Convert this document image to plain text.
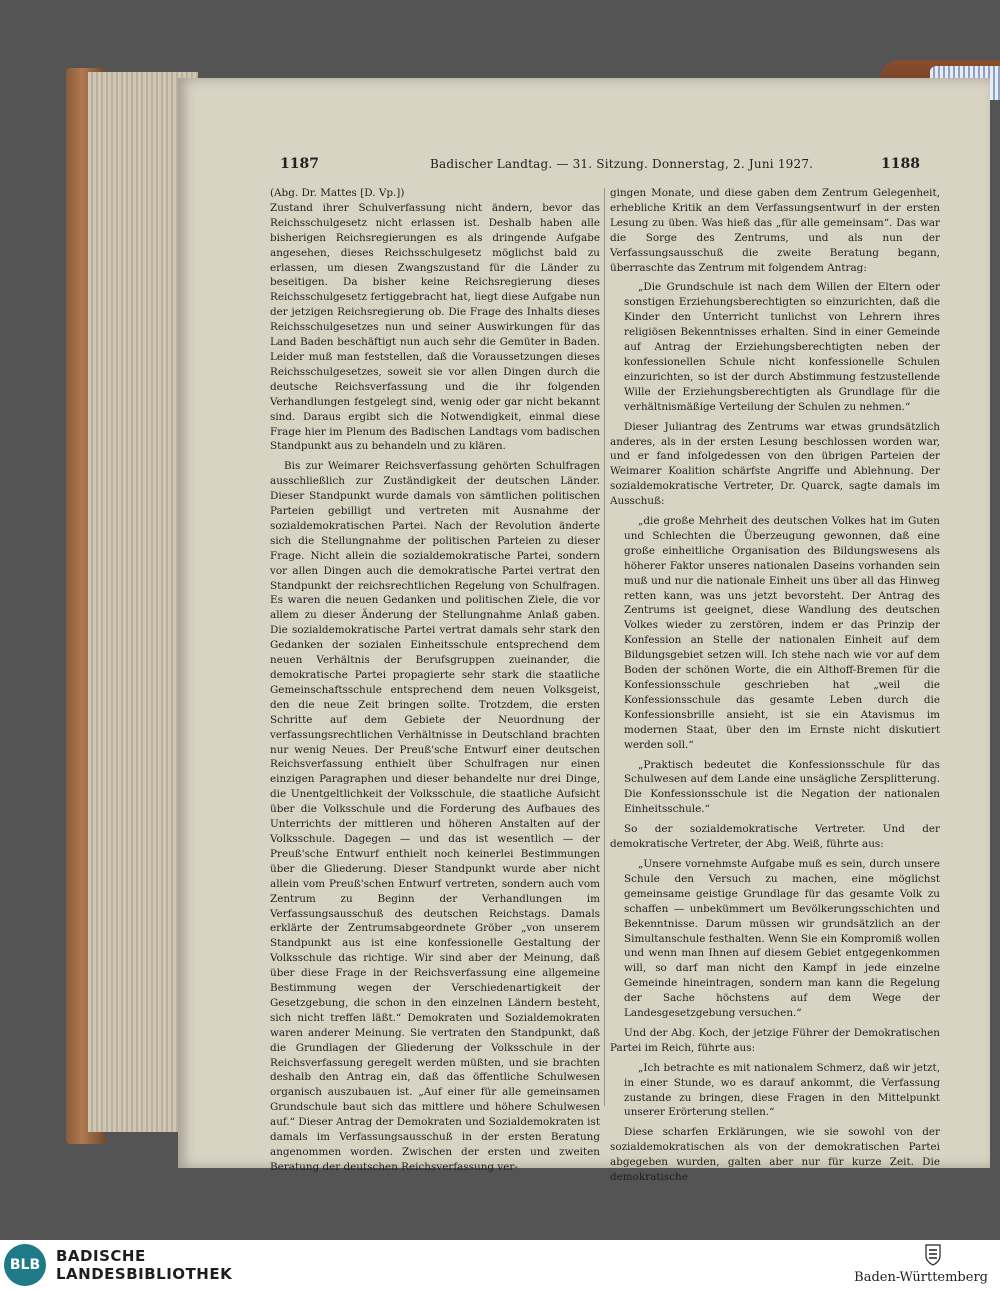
1187	Badischer Landtag. — 31. Sitzung. Donnerstag, 2. Juni 1927.	1188

(Abg. Dr. Mattes [D. Vp.])

Zustand ihrer Schulverfassung nicht ändern, bevor das Reichsschulgesetz nicht erlassen ist. Deshalb haben alle bisherigen Reichsregierungen es als dringende Aufgabe angesehen, dieses Reichsschulgesetz möglichst bald zu erlassen, um diesen Zwangszustand für die Länder zu beseitigen. Da bisher keine Reichsregierung dieses Reichsschulgesetz fertiggebracht hat, liegt diese Aufgabe nun der jetzigen Reichsregierung ob. Die Frage des Inhalts dieses Reichsschulgesetzes nun und seiner Auswirkungen für das Land Baden beschäftigt nun auch sehr die Gemüter in Baden. Leider muß man feststellen, daß die Voraussetzungen dieses Reichsschulgesetzes, soweit sie vor allen Dingen durch die deutsche Reichsverfassung und die ihr folgenden Verhandlungen festgelegt sind, wenig oder gar nicht bekannt sind. Daraus ergibt sich die Notwendigkeit, einmal diese Frage hier im Plenum des Badischen Landtags vom badischen Standpunkt aus zu behandeln und zu klären.

Bis zur Weimarer Reichsverfassung gehörten Schulfragen ausschließlich zur Zuständigkeit der deutschen Länder. Dieser Standpunkt wurde damals von sämtlichen politischen Parteien gebilligt und vertreten mit Ausnahme der sozialdemokratischen Partei. Nach der Revolution änderte sich die Stellungnahme der politischen Parteien zu dieser Frage. Nicht allein die sozialdemokratische Partei, sondern vor allen Dingen auch die demokratische Partei vertrat den Standpunkt der reichsrechtlichen Regelung von Schulfragen. Es waren die neuen Gedanken und politischen Ziele, die vor allem zu dieser Änderung der Stellungnahme Anlaß gaben. Die sozialdemokratische Partei vertrat damals sehr stark den Gedanken der sozialen Einheitsschule entsprechend dem neuen Verhältnis der Berufsgruppen zueinander, die demokratische Partei propagierte sehr stark die staatliche Gemeinschaftsschule entsprechend dem neuen Volksgeist, den die neue Zeit bringen sollte. Trotzdem, die ersten Schritte auf dem Gebiete der Neuordnung der verfassungsrechtlichen Verhältnisse in Deutschland brachten nur wenig Neues. Der Preuß'sche Entwurf einer deutschen Reichsverfassung enthielt über Schulfragen nur einen einzigen Paragraphen und dieser behandelte nur drei Dinge, die Unentgeltlichkeit der Volksschule, die staatliche Aufsicht über die Volksschule und die Forderung des Aufbaues des Unterrichts der mittleren und höheren Anstalten auf der Volksschule. Dagegen — und das ist wesentlich — der Preuß'sche Entwurf enthielt noch keinerlei Bestimmungen über die Gliederung. Dieser Standpunkt wurde aber nicht allein vom Preuß'schen Entwurf vertreten, sondern auch vom Zentrum zu Beginn der Verhandlungen im Verfassungsausschuß des deutschen Reichstags. Damals erklärte der Zentrumsabgeordnete Gröber „von unserem Standpunkt aus ist eine konfessionelle Gestaltung der Volksschule das richtige. Wir sind aber der Meinung, daß über diese Frage in der Reichsverfassung eine allgemeine Bestimmung wegen der Verschiedenartigkeit der Gesetzgebung, die schon in den einzelnen Ländern besteht, sich nicht treffen läßt.“ Demokraten und Sozialdemokraten waren anderer Meinung. Sie vertraten den Standpunkt, daß die Grundlagen der Gliederung der Volksschule in der Reichsverfassung geregelt werden müßten, und sie brachten deshalb den Antrag ein, daß das öffentliche Schulwesen organisch auszubauen ist. „Auf einer für alle gemeinsamen Grundschule baut sich das mittlere und höhere Schulwesen auf.“ Dieser Antrag der Demokraten und Sozialdemokraten ist damals im Verfassungsausschuß in der ersten Beratung angenommen worden. Zwischen der ersten und zweiten Beratung der deutschen Reichsverfassung ver-

gingen Monate, und diese gaben dem Zentrum Gelegenheit, erhebliche Kritik an dem Verfassungsentwurf in der ersten Lesung zu üben. Was hieß das „für alle gemeinsam“. Das war die Sorge des Zentrums, und als nun der Verfassungsausschuß die zweite Beratung begann, überraschte das Zentrum mit folgendem Antrag:

„Die Grundschule ist nach dem Willen der Eltern oder sonstigen Erziehungsberechtigten so einzurichten, daß die Kinder den Unterricht tunlichst von Lehrern ihres religiösen Bekenntnisses erhalten. Sind in einer Gemeinde auf Antrag der Erziehungsberechtigten neben der konfessionellen Schule nicht konfessionelle Schulen einzurichten, so ist der durch Abstimmung festzustellende Wille der Erziehungsberechtigten als Grundlage für die verhältnismäßige Verteilung der Schulen zu nehmen.“

Dieser Juliantrag des Zentrums war etwas grundsätzlich anderes, als in der ersten Lesung beschlossen worden war, und er fand infolgedessen von den übrigen Parteien der Weimarer Koalition schärfste Angriffe und Ablehnung. Der sozialdemokratische Vertreter, Dr. Quarck, sagte damals im Ausschuß:

„die große Mehrheit des deutschen Volkes hat im Guten und Schlechten die Überzeugung gewonnen, daß eine große einheitliche Organisation des Bildungswesens als höherer Faktor unseres nationalen Daseins vorhanden sein muß und nur die nationale Einheit uns über all das Hinweg retten kann, was uns jetzt bevorsteht. Der Antrag des Zentrums ist geeignet, diese Wandlung des deutschen Volkes wieder zu zerstören, indem er das Prinzip der Konfession an Stelle der nationalen Einheit auf dem Bildungsgebiet setzen will. Ich stehe nach wie vor auf dem Boden der schönen Worte, die ein Althoff-Bremen für die Konfessionsschule geschrieben hat „weil die Konfessionsschule das gesamte Leben durch die Konfessionsbrille ansieht, ist sie ein Atavismus im modernen Staat, über den im Ernste nicht diskutiert werden soll.“

„Praktisch bedeutet die Konfessionsschule für das Schulwesen auf dem Lande eine unsägliche Zersplitterung. Die Konfessionsschule ist die Negation der nationalen Einheitsschule.“

So der sozialdemokratische Vertreter. Und der demokratische Vertreter, der Abg. Weiß, führte aus:

„Unsere vornehmste Aufgabe muß es sein, durch unsere Schule den Versuch zu machen, eine möglichst gemeinsame geistige Grundlage für das gesamte Volk zu schaffen — unbekümmert um Bevölkerungsschichten und Bekenntnisse. Darum müssen wir grundsätzlich an der Simultanschule festhalten. Wenn Sie ein Kompromiß wollen und wenn man Ihnen auf diesem Gebiet entgegenkommen will, so darf man nicht den Kampf in jede einzelne Gemeinde hineintragen, sondern man kann die Regelung der Sache höchstens auf dem Wege der Landesgesetzgebung versuchen.“

Und der Abg. Koch, der jetzige Führer der Demokratischen Partei im Reich, führte aus:

„Ich betrachte es mit nationalem Schmerz, daß wir jetzt, in einer Stunde, wo es darauf ankommt, die Verfassung zustande zu bringen, diese Fragen in den Mittelpunkt unserer Erörterung stellen.“

Diese scharfen Erklärungen, wie sie sowohl von der sozialdemokratischen als von der demokratischen Partei abgegeben wurden, galten aber nur für kurze Zeit. Die demokratische

BLB	BADISCHE
LANDESBIBLIOTHEK	Baden-Württemberg
